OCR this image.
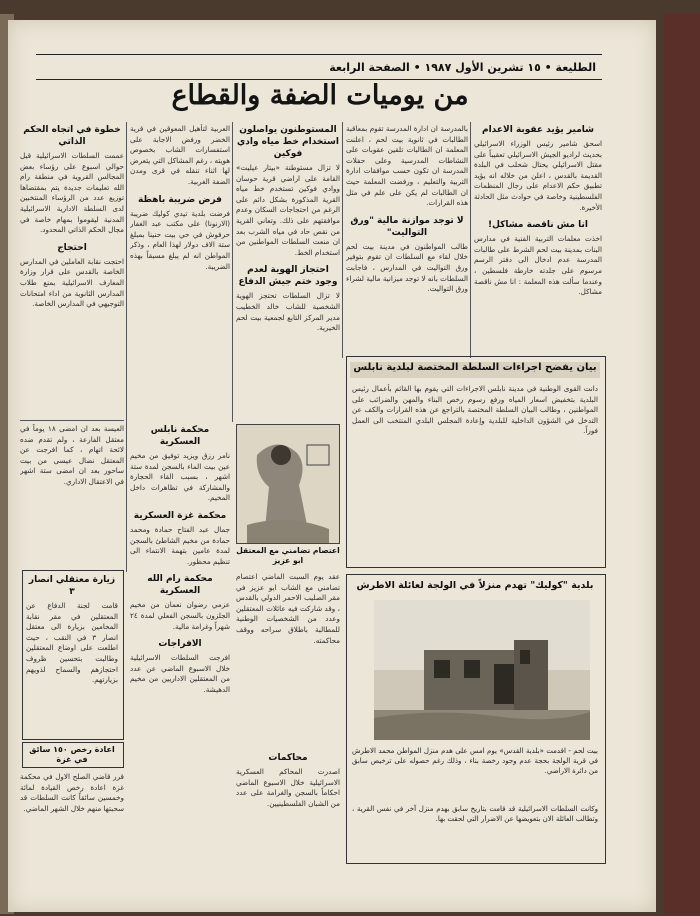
الطليعة • ١٥ تشرين الأول ١٩٨٧ • الصفحة الرابعة
من يوميات الضفة والقطاع
شامير يؤيد عقوبة الاعدام
اسحق شامير رئيس الوزراء الاسرائيلي بحديث لراديو الجيش الاسرائيلي تعقيباً على مقتل الاسرائيلي يحتال شحلب في البلدة القديمة بالقدس ، اعلن من خلاله انه يؤيد تطبيق حكم الاعدام على رجال المنظمات الفلسطينية وخاصة في حوادث مثل الحادثة الأخيرة.
انا مش ناقصة مشاكل!
اخذت معلمات التربية الفنية في مدارس البنات بمدينة بيت لحم الشرط على طالبات المدرسة عدم ادخال الى دفتر الرسم مرسوم على جلدته خارطة فلسطين ، وعندما سألت هذه المعلمة : انا مش ناقصة مشاكل.
بالمدرسة ان ادارة المدرسة تقوم بمعاقبة الطالبات في ثانوية بيت لحم ، اعلنت المعلمة ان الطالبات تلقين عقوبات على النشاطات المدرسية وعلى حفلات المدرسة ان تكون حسب موافقات ادارة التربية والتعليم ، ورفضت المعلمة حيث ان الطالبات لم يكن على علم في مثل هذه القرارات.
لا توجد موازنة مالية "ورق التواليت"
طالب المواطنون في مدينة بيت لحم خلال لقاء مع السلطات ان تقوم بتوفير ورق التواليت في المدارس ، فاجابت السلطات بانه لا توجد ميزانية مالية لشراء ورق التواليت.
المستوطنون يواصلون استخدام خط مياه وادي فوكين
لا تزال مستوطنة «بيتار عيليت» القامة على اراضي قرية حوسان ووادي فوكين تستخدم خط مياه القرية المذكورة بشكل دائم على الرغم من احتجاجات السكان وعدم موافقتهم على ذلك. وتعاني القرية من نقص حاد في مياه الشرب بعد ان منعت السلطات المواطنين من استخدام الخط.
احتجاز الهوية لعدم وجود ختم جيش الدفاع
لا تزال السلطات تحتجز الهوية الشخصية للشاب خالد الخطيب مدير المركز التابع لجمعية بيت لحم الخيرية.
العربية لتأهيل المعوقين في قرية الخضر ورفض الاجابة على استفسارات الشاب بخصوص هويته ، رغم المشاكل التي يتعرض لها اثناء تنقله في قرى ومدن الضفة الغربية.
فرض ضريبة باهظة
فرضت بلدية تيدي كوليك ضريبة (الارنونا) على مكتب عبد الغفار حرفوش في حي بيت حنينا بمبلغ ستة الاف دولار لهذا العام ، وذكر المواطن انه لم يبلغ مسبقاً بهذه الضريبة.
خطوة في اتجاه الحكم الذاتي
عممت السلطات الاسرائيلية قبل حوالي اسبوع على رؤساء بعض المجالس القروية في منطقة رام الله تعليمات جديدة يتم بمقتضاها توزيع عدد من الرؤساء المنتخبين لدى السلطة الادارية الاسرائيلية المدنية ليقوموا بمهام خاصة في مجال الحكم الذاتي المحدود.
احتجاج
احتجت نقابة العاملين في المدارس الخاصة بالقدس على قرار وزارة المعارف الاسرائيلية بمنع طلاب المدارس الثانوية من اداء امتحانات التوجيهي في المدارس الخاصة.
بيان يفضح اجراءات السلطة المختصة لبلدية نابلس
دانت القوى الوطنية في مدينة نابلس الاجراءات التي يقوم بها القائم بأعمال رئيس البلدية بتخفيض اسعار المياه ورفع رسوم رخص البناء والمهن والضرائب على المواطنين ، وطالب البيان السلطة المختصة بالتراجع عن هذه القرارات والكف عن التدخل في الشؤون الداخلية للبلدية وإعادة المجلس البلدي المنتخب الى العمل فوراً.
اعتصام تضامني مع المعتقل ابو عزيز
عقد يوم السبت الماضي اعتصام تضامني مع الشاب ابو عزيز في مقر الصليب الاحمر الدولي بالقدس ، وقد شاركت فيه عائلات المعتقلين وعدد من الشخصيات الوطنية للمطالبة باطلاق سراحه ووقف محاكمته.
محكمة نابلس العسكرية
نامر رزق ويزيد توفيق من مخيم عين بيت الماء بالسجن لمدة ستة اشهر ، بسبب القاء الحجارة والمشاركة في تظاهرات داخل المخيم.
محكمة غزة العسكرية
جمال عبد الفتاح حمادة ومحمد حمادة من مخيم الشاطئ بالسجن لمدة عامين بتهمة الانتماء الى تنظيم محظور.
محكمة رام الله العسكرية
عزمي رضوان نعمان من مخيم الجلزون بالسجن الفعلي لمدة ٢٤ شهراً وغرامة مالية.
الافراجات
افرجت السلطات الاسرائيلية خلال الاسبوع الماضي عن عدد من المعتقلين الاداريين من مخيم الدهيشة.
محاكمات
اصدرت المحاكم العسكرية الاسرائيلية خلال الاسبوع الماضي احكاماً بالسجن والغرامة على عدد من الشبان الفلسطينيين.
العيسة بعد ان امضى ١٨ يوماً في معتقل الفارعة ، ولم تقدم ضده لائحة اتهام ، كما افرجت عن المعتقل نضال عيسى من بيت ساحور بعد ان امضى ستة اشهر في الاعتقال الاداري.
زيارة معتقلي انصار ٣
قامت لجنة الدفاع عن المعتقلين في مقر نقابة المحامين بزيارة الى معتقل انصار ٣ في النقب ، حيث اطلعت على اوضاع المعتقلين وطالبت بتحسين ظروف احتجازهم والسماح لذويهم بزيارتهم.
اعادة رخص ١٥٠ سائق في غزة
قرر قاضي الصلح الاول في محكمة غزة اعادة رخص القيادة لمائة وخمسين سائقاً كانت السلطات قد سحبتها منهم خلال الشهر الماضي.
بلدية "كوليك" تهدم منزلاً في الولجة لعائلة الاطرش
بيت لحم - اقدمت «بلدية القدس» يوم امس على هدم منزل المواطن محمد الاطرش في قرية الولجة بحجة عدم وجود رخصة بناء ، وذلك رغم حصوله على ترخيص سابق من دائرة الاراضي.
وكانت السلطات الاسرائيلية قد قامت بتاريخ سابق بهدم منزل آخر في نفس القرية ، وتطالب العائلة الان بتعويضها عن الاضرار التي لحقت بها.
